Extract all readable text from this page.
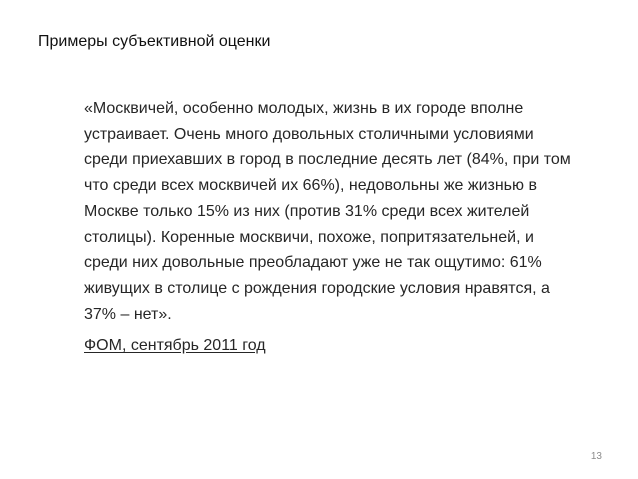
Примеры субъективной оценки
«Москвичей, особенно молодых, жизнь в их городе вполне
устраивает. Очень много довольных столичными условиями
среди приехавших в город в последние десять лет (84%, при том
что среди всех москвичей их 66%), недовольны же жизнью в
Москве только 15% из них (против 31% среди всех жителей
столицы). Коренные москвичи, похоже, попритязательней, и
среди них довольные преобладают уже не так ощутимо: 61%
живущих в столице с рождения городские условия нравятся, а
37% – нет».
ФОМ, сентябрь 2011 год
13
